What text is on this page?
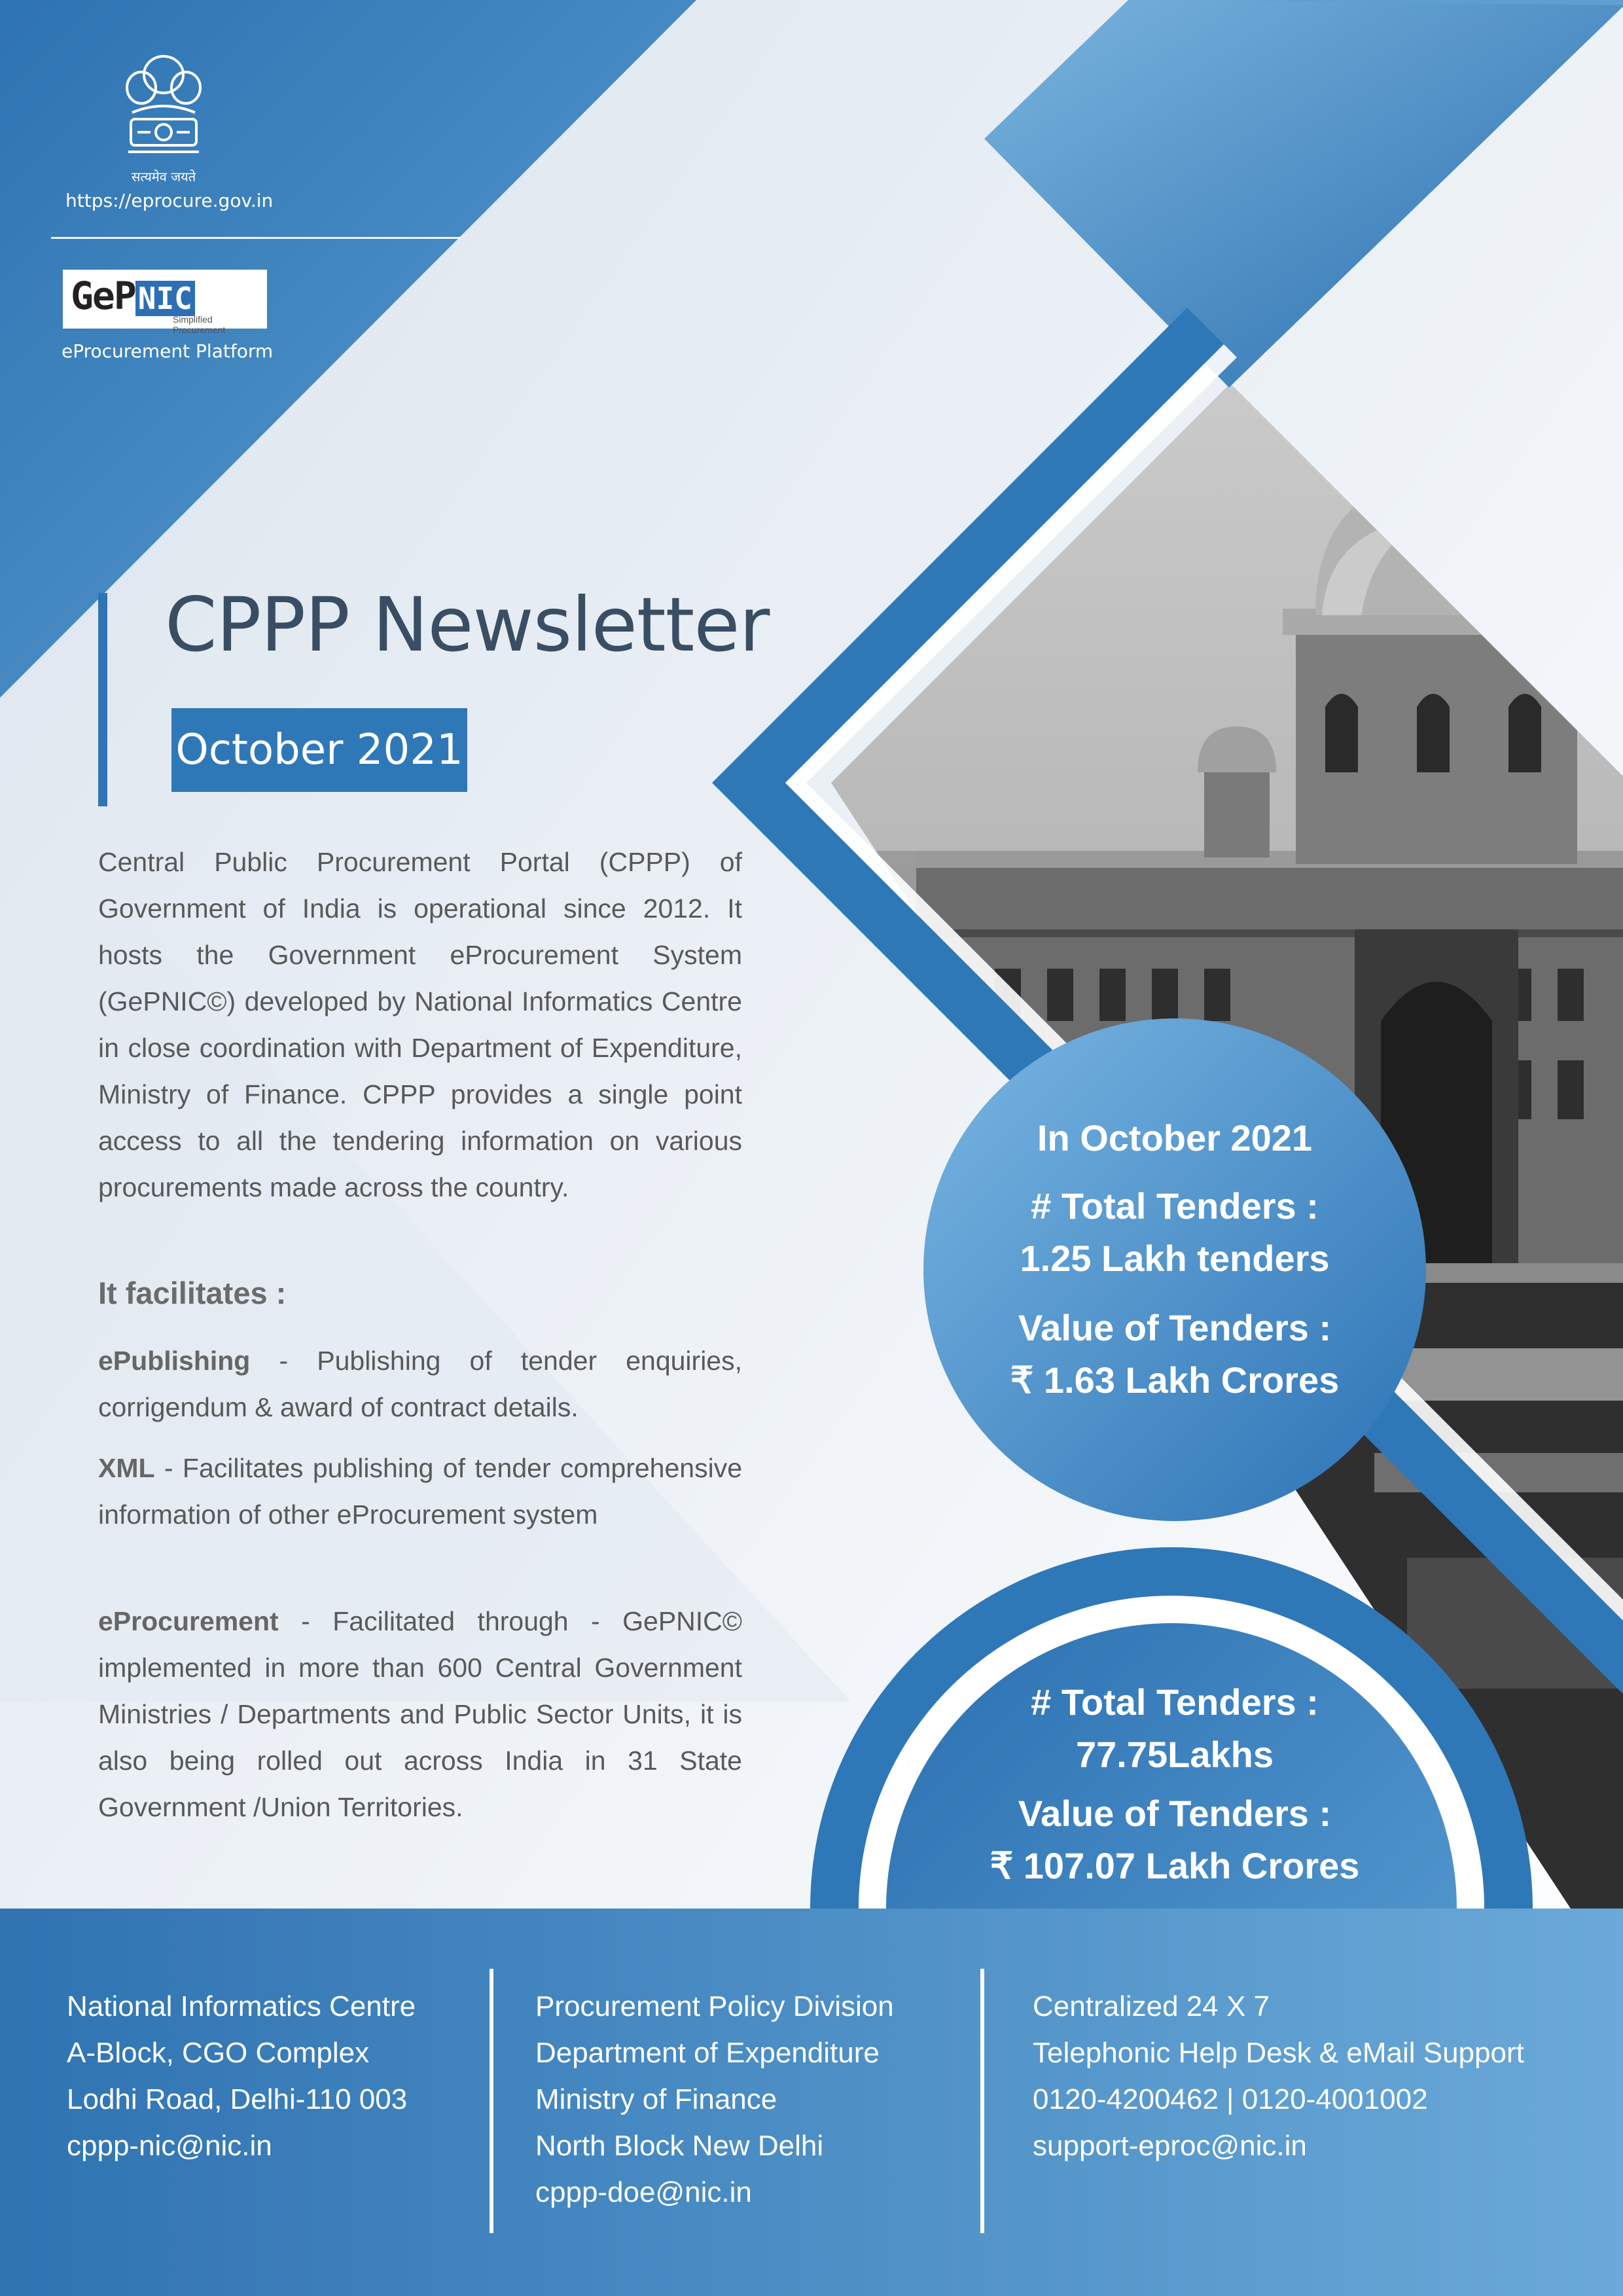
सत्यमेव जयते
https://eprocure.gov.in
GePNIC
Simplified Procurement
eProcurement Platform
CPPP Newsletter
October 2021
Central Public Procurement Portal (CPPP) of Government of India is operational since 2012. It hosts the Government eProcurement System (GePNIC©) developed by National Informatics Centre in close coordination with Department of Expenditure, Ministry of Finance. CPPP provides a single point access to all the tendering information on various procurements made across the country.
It facilitates :
ePublishing - Publishing of tender enquiries, corrigendum & award of contract details.
XML - Facilitates publishing of tender comprehensive information of other eProcurement system
eProcurement - Facilitated through - GePNIC© implemented in more than 600 Central Government Ministries / Departments and Public Sector Units, it is also being rolled out across India in 31 State Government /Union Territories.
In October 2021
# Total Tenders :
1.25 Lakh tenders
Value of Tenders :
₹ 1.63 Lakh Crores
# Total Tenders :
77.75Lakhs
Value of Tenders :
₹ 107.07 Lakh Crores
National Informatics Centre
A-Block, CGO Complex
Lodhi Road, Delhi-110 003
cppp-nic@nic.in
Procurement Policy Division
Department of Expenditure
Ministry of Finance
North Block New Delhi
cppp-doe@nic.in
Centralized 24 X 7
Telephonic Help Desk & eMail Support
0120-4200462 | 0120-4001002
support-eproc@nic.in
